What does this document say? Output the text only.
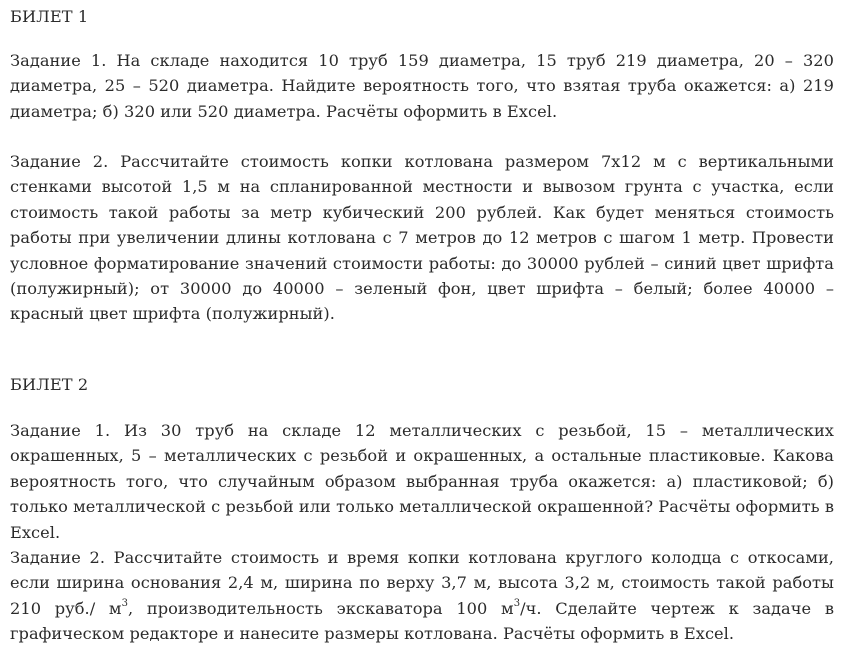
БИЛЕТ 1

Задание 1. На складе находится 10 труб 159 диаметра, 15 труб 219 диаметра, 20 – 320 диаметра, 25 – 520 диаметра. Найдите вероятность того, что взятая труба окажется: а) 219 диаметра; б) 320 или 520 диаметра. Расчёты оформить в Excel.

Задание 2. Рассчитайте стоимость копки котлована размером 7х12 м с вертикальными стенками высотой 1,5 м на спланированной местности и вывозом грунта с участка, если стоимость такой работы за метр кубический 200 рублей. Как будет меняться стоимость работы при увеличении длины котлована с 7 метров до 12 метров с шагом 1 метр. Провести условное форматирование значений стоимости работы: до 30000 рублей – синий цвет шрифта (полужирный); от 30000 до 40000 – зеленый фон, цвет шрифта – белый; более 40000 – красный цвет шрифта (полужирный).

БИЛЕТ 2

Задание 1. Из 30 труб на складе 12 металлических с резьбой, 15 – металлических окрашенных, 5 – металлических с резьбой и окрашенных, а остальные пластиковые. Какова вероятность того, что случайным образом выбранная труба окажется: а) пластиковой; б) только металлической с резьбой или только металлической окрашенной? Расчёты оформить в Excel.

Задание 2. Рассчитайте стоимость и время копки котлована круглого колодца с откосами, если ширина основания 2,4 м, ширина по верху 3,7 м, высота 3,2 м, стоимость такой работы 210 руб./ $м^3$, производительность экскаватора 100 $м^3/ч$. Сделайте чертеж к задаче в графическом редакторе и нанесите размеры котлована. Расчёты оформить в Excel.
